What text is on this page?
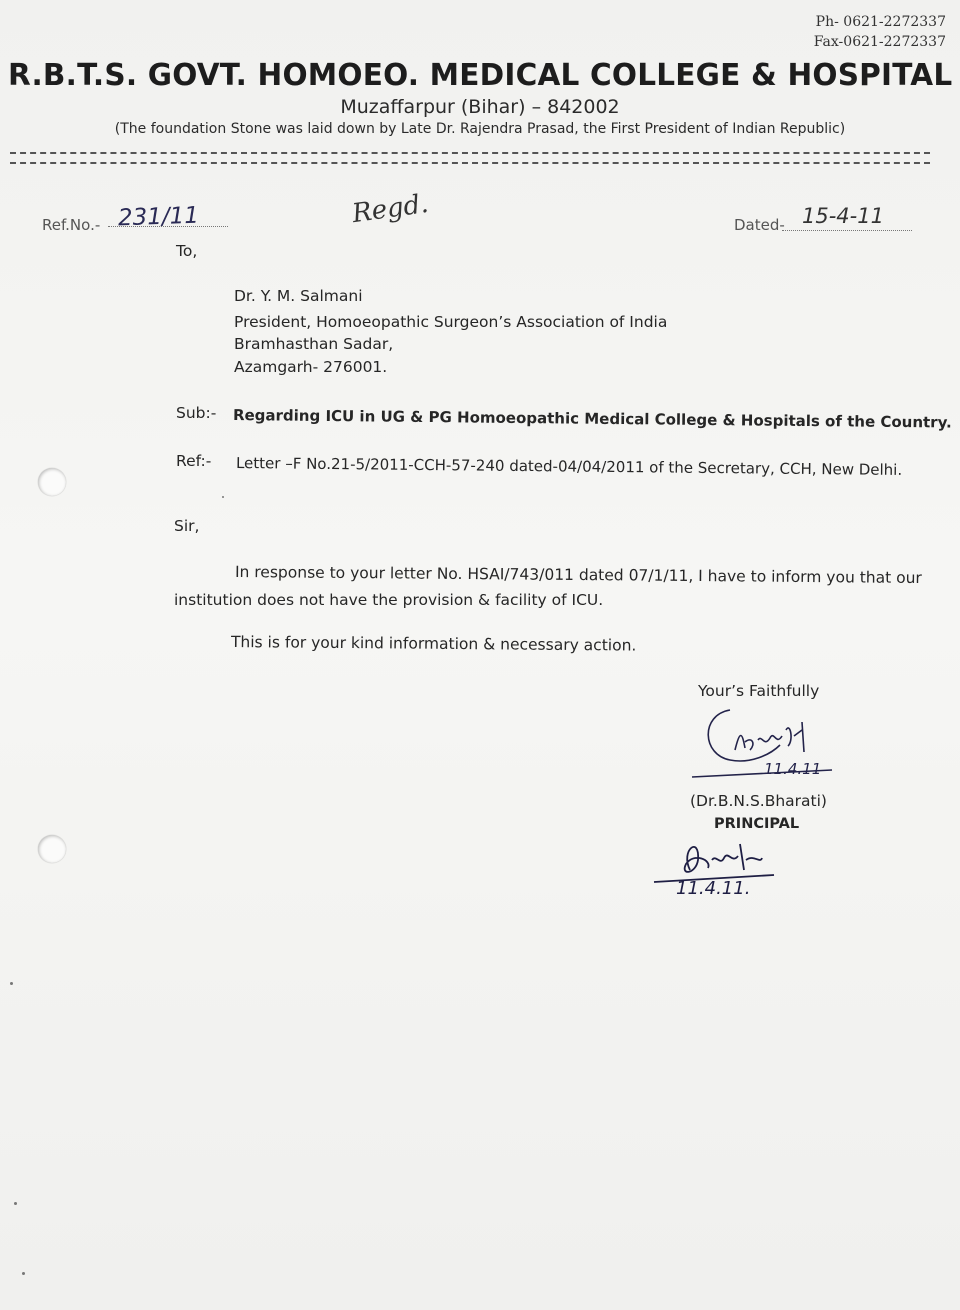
Ph- 0621-2272337
Fax-0621-2272337
R.B.T.S. GOVT. HOMOEO. MEDICAL COLLEGE & HOSPITAL
Muzaffarpur (Bihar) – 842002
(The foundation Stone was laid down by Late Dr. Rajendra Prasad, the First President of Indian Republic)
Ref.No.- 231/11	Regd.	Dated- 15-4-11
To,
Dr. Y. M. Salmani
President, Homoeopathic Surgeon’s Association of India
Bramhasthan Sadar,
Azamgarh- 276001.
Sub:- Regarding ICU in UG & PG Homoeopathic Medical College & Hospitals of the Country.
Ref:- Letter –F No.21-5/2011-CCH-57-240 dated-04/04/2011 of the Secretary, CCH, New Delhi.
Sir,
In response to your letter No. HSAI/743/011 dated 07/1/11, I have to inform you that our
institution does not have the provision & facility of ICU.
This is for your kind information & necessary action.
Your’s Faithfully
11.4.11
(Dr.B.N.S.Bharati)
PRINCIPAL
11.4.11.
